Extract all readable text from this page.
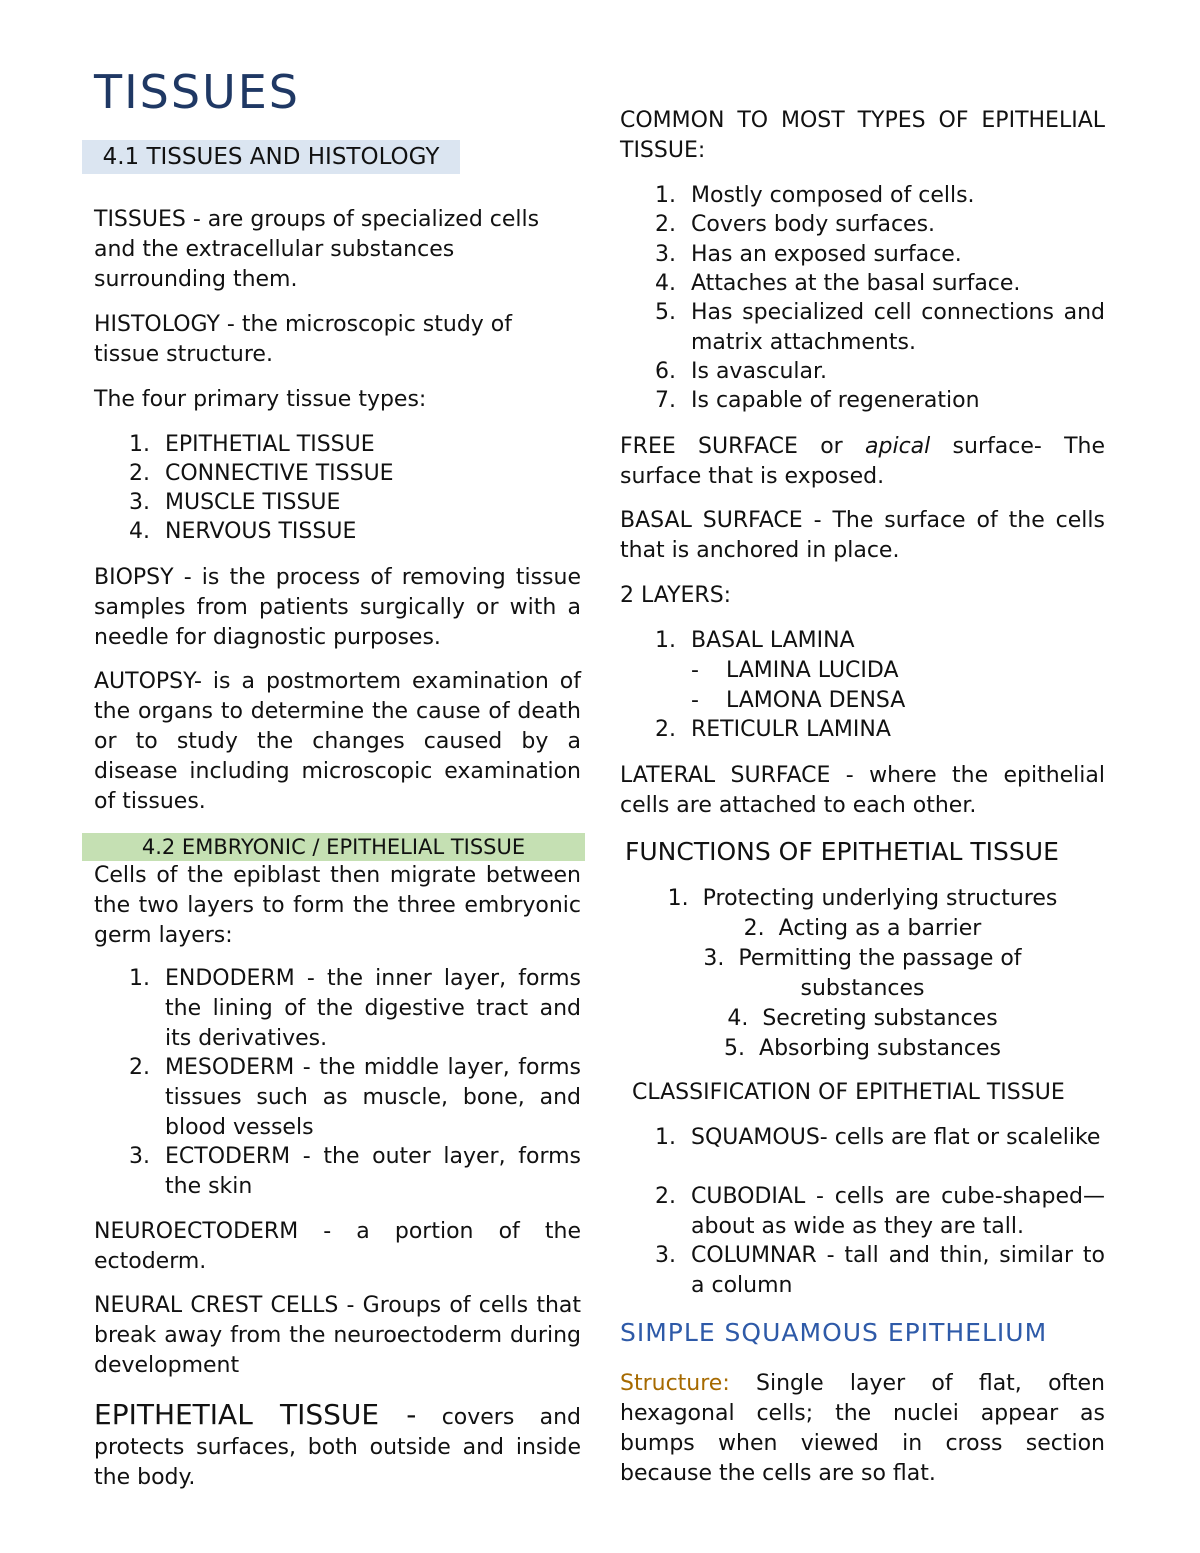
TISSUES
4.1 TISSUES AND HISTOLOGY
TISSUES - are groups of specialized cells and the extracellular substances surrounding them.
HISTOLOGY - the microscopic study of tissue structure.
The four primary tissue types:
1. EPITHETIAL TISSUE
2. CONNECTIVE TISSUE
3. MUSCLE TISSUE
4. NERVOUS TISSUE
BIOPSY - is the process of removing tissue samples from patients surgically or with a needle for diagnostic purposes.
AUTOPSY- is a postmortem examination of the organs to determine the cause of death or to study the changes caused by a disease including microscopic examination of tissues.
4.2 EMBRYONIC / EPITHELIAL TISSUE
Cells of the epiblast then migrate between the two layers to form the three embryonic germ layers:
1. ENDODERM - the inner layer, forms the lining of the digestive tract and its derivatives.
2. MESODERM - the middle layer, forms tissues such as muscle, bone, and blood vessels
3. ECTODERM - the outer layer, forms the skin
NEUROECTODERM - a portion of the ectoderm.
NEURAL CREST CELLS - Groups of cells that break away from the neuroectoderm during development
EPITHETIAL TISSUE - covers and protects surfaces, both outside and inside the body.
COMMON TO MOST TYPES OF EPITHELIAL TISSUE:
1. Mostly composed of cells.
2. Covers body surfaces.
3. Has an exposed surface.
4. Attaches at the basal surface.
5. Has specialized cell connections and matrix attachments.
6. Is avascular.
7. Is capable of regeneration
FREE SURFACE or apical surface- The surface that is exposed.
BASAL SURFACE - The surface of the cells that is anchored in place.
2 LAYERS:
1. BASAL LAMINA
- LAMINA LUCIDA
- LAMONA DENSA
2. RETICULR LAMINA
LATERAL SURFACE - where the epithelial cells are attached to each other.
FUNCTIONS OF EPITHETIAL TISSUE
1. Protecting underlying structures
2. Acting as a barrier
3. Permitting the passage of substances
4. Secreting substances
5. Absorbing substances
CLASSIFICATION OF EPITHETIAL TISSUE
1. SQUAMOUS- cells are flat or scalelike
2. CUBODIAL - cells are cube-shaped—about as wide as they are tall.
3. COLUMNAR - tall and thin, similar to a column
SIMPLE SQUAMOUS EPITHELIUM
Structure: Single layer of flat, often hexagonal cells; the nuclei appear as bumps when viewed in cross section because the cells are so flat.
